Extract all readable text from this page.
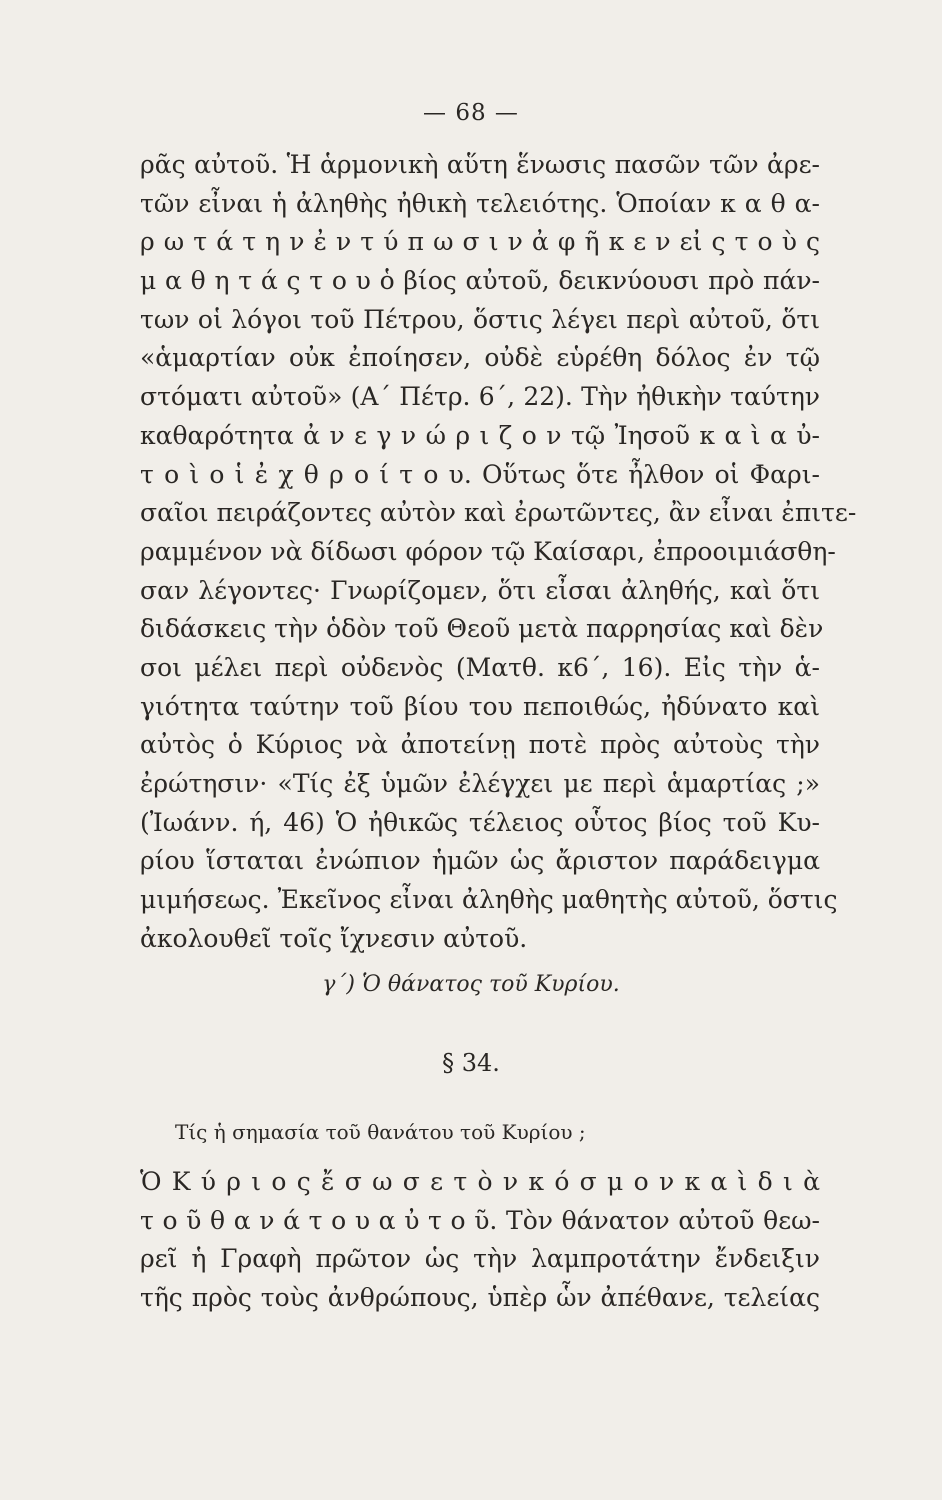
— 68 —
ρᾶς αὐτοῦ. Ἡ ἁρμονικὴ αὕτη ἕνωσις πασῶν τῶν ἀρε-
τῶν εἶναι ἡ ἀληθὴς ἠθικὴ τελειότης. Ὁποίαν κ α θ α-
ρ ω τ ά τ η ν ἐ ν τ ύ π ω σ ι ν ἀ φ ῆ κ ε ν εἰ ς τ ο ὺ ς
μ α θ η τ ά ς τ ο υ ὁ βίος αὐτοῦ, δεικνύουσι πρὸ πάν-
των οἱ λόγοι τοῦ Πέτρου, ὅστις λέγει περὶ αὐτοῦ, ὅτι
«ἁμαρτίαν οὐκ ἐποίησεν, οὐδὲ εὑρέθη δόλος ἐν τῷ
στόματι αὐτοῦ» (Α΄ Πέτρ. 6΄, 22). Τὴν ἠθικὴν ταύτην
καθαρότητα ἀ ν ε γ ν ώ ρ ι ζ ο ν τῷ Ἰησοῦ κ α ὶ α ὐ-
τ ο ὶ ο ἱ ἐ χ θ ρ ο ί τ ο υ. Οὕτως ὅτε ἦλθον οἱ Φαρι-
σαῖοι πειράζοντες αὐτὸν καὶ ἐρωτῶντες, ἂν εἶναι ἐπιτε-
ραμμένον νὰ δίδωσι φόρον τῷ Καίσαρι, ἐπροοιμιάσθη-
σαν λέγοντες· Γνωρίζομεν, ὅτι εἶσαι ἀληθής, καὶ ὅτι
διδάσκεις τὴν ὁδὸν τοῦ Θεοῦ μετὰ παρρησίας καὶ δὲν
σοι μέλει περὶ οὐδενὸς (Ματθ. κ6΄, 16). Εἰς τὴν ἁ-
γιότητα ταύτην τοῦ βίου του πεποιθώς, ἠδύνατο καὶ
αὐτὸς ὁ Κύριος νὰ ἀποτείνῃ ποτὲ πρὸς αὐτοὺς τὴν
ἐρώτησιν· «Τίς ἐξ ὑμῶν ἐλέγχει με περὶ ἁμαρτίας ;»
(Ἰωάνν. ή, 46) Ὁ ἠθικῶς τέλειος οὗτος βίος τοῦ Κυ-
ρίου ἵσταται ἐνώπιον ἡμῶν ὡς ἄριστον παράδειγμα
μιμήσεως. Ἐκεῖνος εἶναι ἀληθὴς μαθητὴς αὐτοῦ, ὅστις
ἀκολουθεῖ τοῖς ἴχνεσιν αὐτοῦ.
γ΄) Ὁ θάνατος τοῦ Κυρίου.
§ 34.
Τίς ἡ σημασία τοῦ θανάτου τοῦ Κυρίου ;
Ὁ Κ ύ ρ ι ο ς ἔ σ ω σ ε τ ὸ ν κ ό σ μ ο ν κ α ὶ δ ι ὰ
τ ο ῦ θ α ν ά τ ο υ α ὐ τ ο ῦ. Τὸν θάνατον αὐτοῦ θεω-
ρεῖ ἡ Γραφὴ πρῶτον ὡς τὴν λαμπροτάτην ἔνδειξιν
τῆς πρὸς τοὺς ἀνθρώπους, ὑπὲρ ὧν ἀπέθανε, τελείας
